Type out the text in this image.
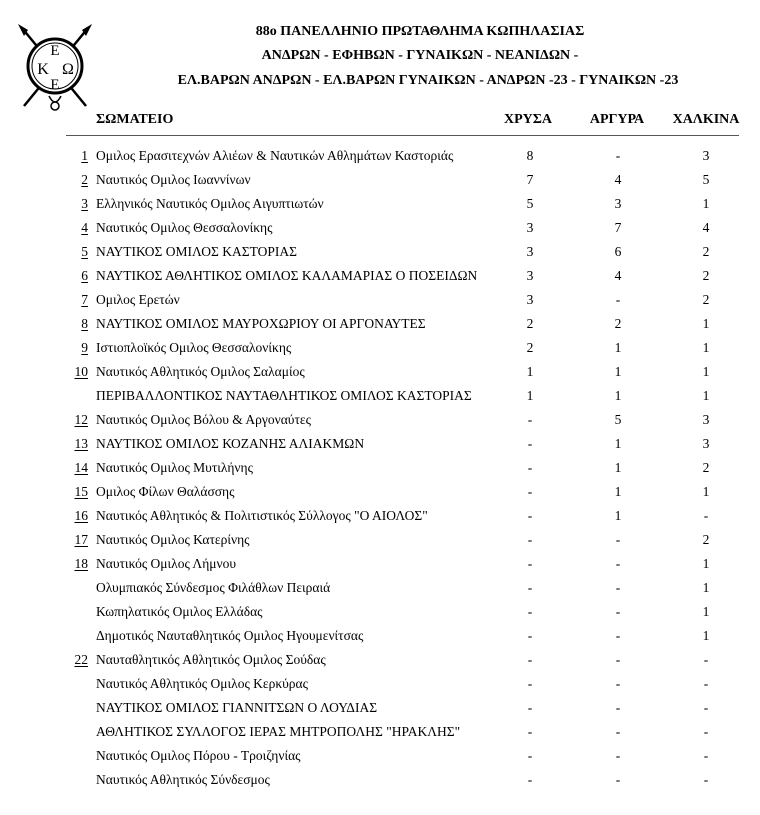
Ε
Κ Ω
Ε
88o ΠΑΝΕΛΛΗΝΙΟ ΠΡΩΤΑΘΛΗΜΑ ΚΩΠΗΛΑΣΙΑΣ
ΑΝΔΡΩΝ - ΕΦΗΒΩΝ - ΓΥΝΑΙΚΩΝ - ΝΕΑΝΙΔΩΝ -
ΕΛ.ΒΑΡΩΝ ΑΝΔΡΩΝ - ΕΛ.ΒΑΡΩΝ ΓΥΝΑΙΚΩΝ - ΑΝΔΡΩΝ -23 - ΓΥΝΑΙΚΩΝ -23
ΣΩΜΑΤΕΙΟ	ΧΡΥΣΑ	ΑΡΓΥΡΑ	ΧΑΛΚΙΝΑ
1 Ομιλος Ερασιτεχνών Αλιέων & Ναυτικών Αθλημάτων Καστοριάς	8	-	3
2 Ναυτικός Ομιλος Ιωαννίνων	7	4	5
3 Ελληνικός Ναυτικός Ομιλος Αιγυπτιωτών	5	3	1
4 Ναυτικός Ομιλος Θεσσαλονίκης	3	7	4
5 ΝΑΥΤΙΚΟΣ ΟΜΙΛΟΣ ΚΑΣΤΟΡΙΑΣ	3	6	2
6 ΝΑΥΤΙΚΟΣ ΑΘΛΗΤΙΚΟΣ ΟΜΙΛΟΣ ΚΑΛΑΜΑΡΙΑΣ Ο ΠΟΣΕΙΔΩΝ	3	4	2
7 Ομιλος Ερετών	3	-	2
8 ΝΑΥΤΙΚΟΣ ΟΜΙΛΟΣ ΜΑΥΡΟΧΩΡΙΟΥ ΟΙ ΑΡΓΟΝΑΥΤΕΣ	2	2	1
9 Ιστιοπλοϊκός Ομιλος Θεσσαλονίκης	2	1	1
10 Ναυτικός Αθλητικός Ομιλος Σαλαμίος	1	1	1
ΠΕΡΙΒΑΛΛΟΝΤΙΚΟΣ ΝΑΥΤΑΘΛΗΤΙΚΟΣ ΟΜΙΛΟΣ ΚΑΣΤΟΡΙΑΣ	1	1	1
12 Ναυτικός Ομιλος Βόλου & Αργοναύτες	-	5	3
13 ΝΑΥΤΙΚΟΣ ΟΜΙΛΟΣ ΚΟΖΑΝΗΣ ΑΛΙΑΚΜΩΝ	-	1	3
14 Ναυτικός Ομιλος Μυτιλήνης	-	1	2
15 Ομιλος Φίλων Θαλάσσης	-	1	1
16 Ναυτικός Αθλητικός & Πολιτιστικός Σύλλογος "Ο ΑΙΟΛΟΣ"	-	1	-
17 Ναυτικός Ομιλος Κατερίνης	-	-	2
18 Ναυτικός Ομιλος Λήμνου	-	-	1
Ολυμπιακός Σύνδεσμος Φιλάθλων Πειραιά	-	-	1
Κωπηλατικός Ομιλος Ελλάδας	-	-	1
Δημοτικός Ναυταθλητικός Ομιλος Ηγουμενίτσας	-	-	1
22 Ναυταθλητικός Αθλητικός Ομιλος Σούδας	-	-	-
Ναυτικός Αθλητικός Ομιλος Κερκύρας	-	-	-
ΝΑΥΤΙΚΟΣ ΟΜΙΛΟΣ ΓΙΑΝΝΙΤΣΩΝ Ο ΛΟΥΔΙΑΣ	-	-	-
ΑΘΛΗΤΙΚΟΣ ΣΥΛΛΟΓΟΣ ΙΕΡΑΣ ΜΗΤΡΟΠΟΛΗΣ "ΗΡΑΚΛΗΣ"	-	-	-
Ναυτικός Ομιλος Πόρου - Τροιζηνίας	-	-	-
Ναυτικός Αθλητικός Σύνδεσμος	-	-	-
